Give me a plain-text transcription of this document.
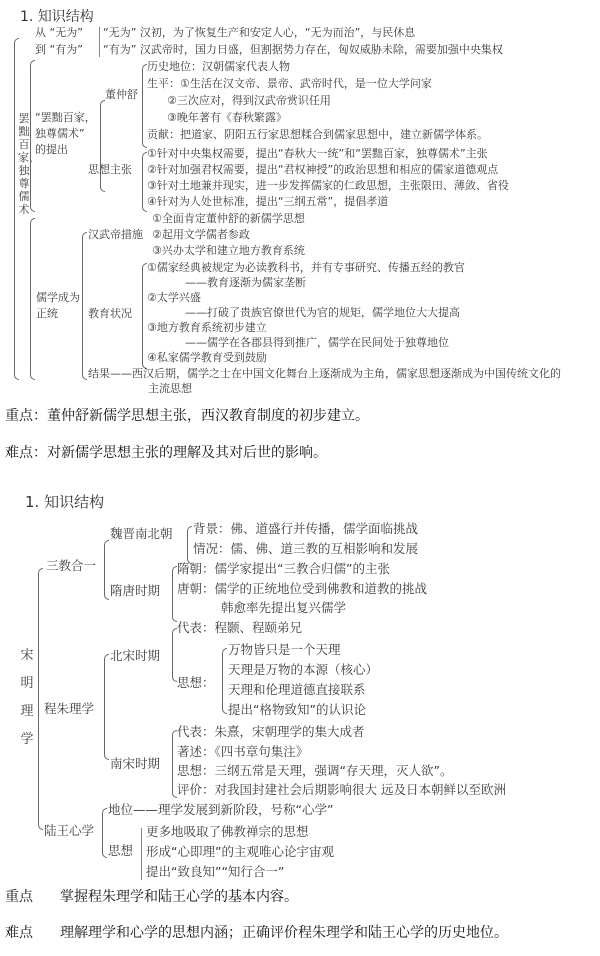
1. 知识结构
罢黜百家，独尊儒术
从 “无为”
到 “有为”
“无为” 汉初，为了恢复生产和安定人心，“无为而治”，与民休息
“有为” 汉武帝时，国力日盛，但割据势力存在，匈奴威胁未除，需要加强中央集权
“罢黜百家，
独尊儒术”
的提出
董仲舒
历史地位：汉朝儒家代表人物
生平：①生活在汉文帝、景帝、武帝时代，是一位大学问家
②三次应对，得到汉武帝赏识任用
③晚年著有《春秋繁露》
贡献：把道家、阴阳五行家思想糅合到儒家思想中，建立新儒学体系。
思想主张
①针对中央集权需要，提出“春秋大一统”和“罢黜百家，独尊儒术”主张
②针对加强君权需要，提出“君权神授”的政治思想和相应的儒家道德观点
③针对土地兼并现实，进一步发挥儒家的仁政思想，主张限田、薄敛、省役
④针对为人处世标准，提出“三纲五常”，提倡孝道
儒学成为
正统
汉武帝措施
①全面肯定董仲舒的新儒学思想
②起用文学儒者参政
③兴办太学和建立地方教育系统
教育状况
①儒家经典被规定为必读教科书，并有专事研究、传播五经的教官
——教育逐渐为儒家垄断
②太学兴盛
——打破了贵族官僚世代为官的规矩，儒学地位大大提高
③地方教育系统初步建立
——儒学在各郡县得到推广，儒学在民间处于独尊地位
④私家儒学教育受到鼓励
结果——西汉后期，儒学之士在中国文化舞台上逐渐成为主角，儒家思想逐渐成为中国传统文化的
主流思想
重点：董仲舒新儒学思想主张，西汉教育制度的初步建立。
难点：对新儒学思想主张的理解及其对后世的影响。
1. 知识结构
宋明理学
三教合一
魏晋南北朝 背景：佛、道盛行并传播，儒学面临挑战
情况：儒、佛、道三教的互相影响和发展
隋唐时期
隋朝：儒学家提出“三教合归儒”的主张
唐朝：儒学的正统地位受到佛教和道教的挑战
韩愈率先提出复兴儒学
程朱理学
北宋时期
代表：程颢、程颐弟兄
思想：
万物皆只是一个天理
天理是万物的本源（核心）
天理和伦理道德直接联系
提出“格物致知”的认识论
南宋时期
代表：朱熹，宋朝理学的集大成者
著述：《四书章句集注》
思想：三纲五常是天理，强调“存天理，灭人欲”。
评价：对我国封建社会后期影响很大 远及日本朝鲜以至欧洲
陆王心学
地位——理学发展到新阶段，号称“心学”
思想
更多地吸取了佛教禅宗的思想
形成“心即理”的主观唯心论宇宙观
提出“致良知”“知行合一”
重点 掌握程朱理学和陆王心学的基本内容。
难点 理解理学和心学的思想内涵；正确评价程朱理学和陆王心学的历史地位。
